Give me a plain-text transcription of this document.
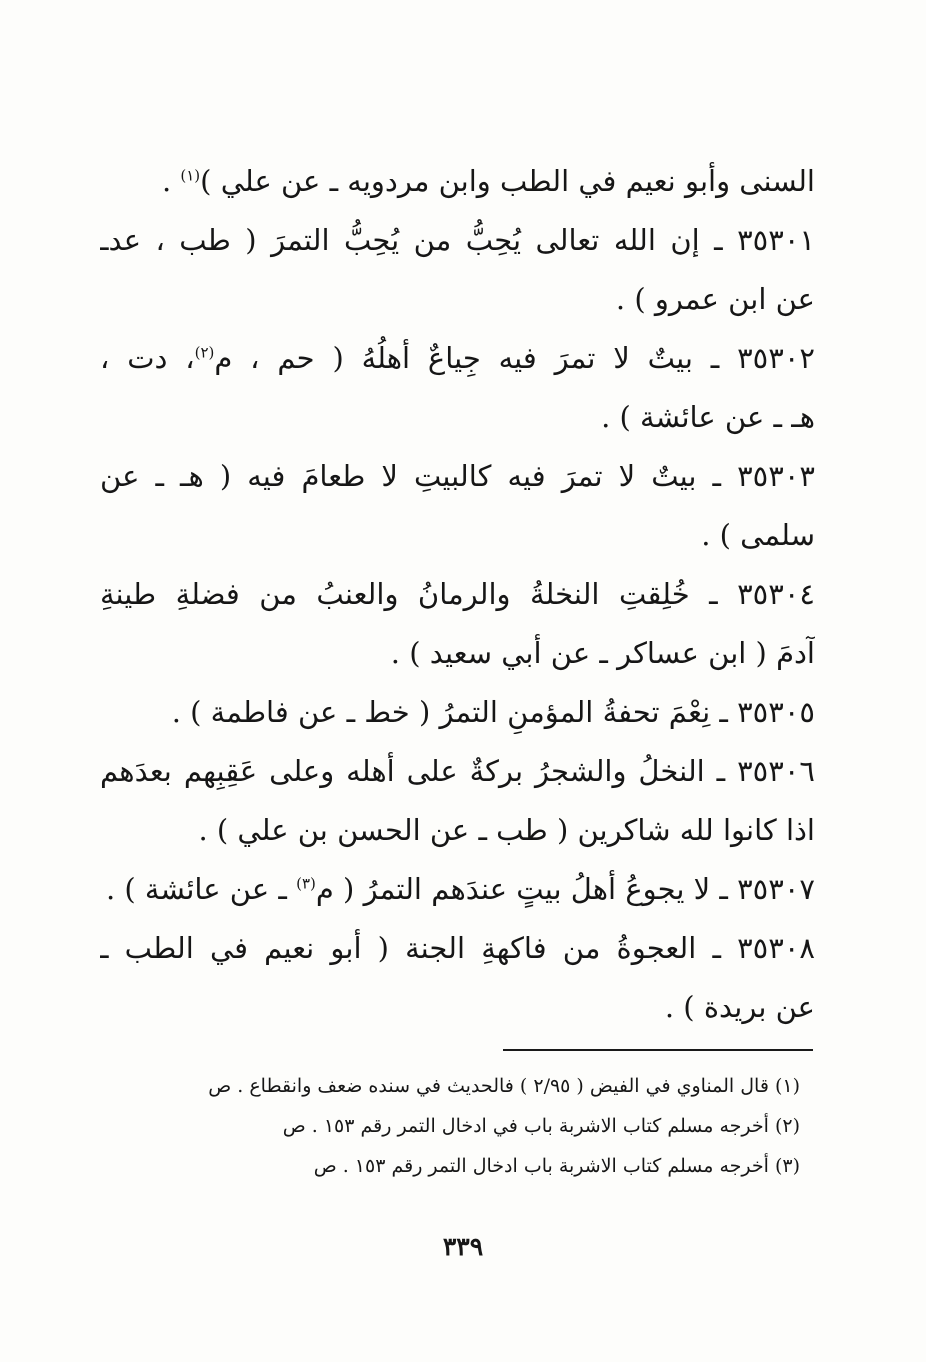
السنى وأبو نعيم في الطب وابن مردويه ـ عن علي )$^{(١)}$ .
٣٥٣٠١ ـ إن الله تعالى يُحِبُّ من يُحِبُّ التمرَ ( طب ، عدـ
عن ابن عمرو ) .
٣٥٣٠٢ ـ بيتٌ لا تمرَ فيه جِياعٌ أهلُهُ ( حم ، م$^{(٢)}$، دت ،
هـ ـ عن عائشة ) .
٣٥٣٠٣ ـ بيتٌ لا تمرَ فيه كالبيتِ لا طعامَ فيه ( هـ ـ عن
سلمى ) .
٣٥٣٠٤ ـ خُلِقتِ النخلةُ والرمانُ والعنبُ من فضلةِ طينةِ
آدمَ ( ابن عساكر ـ عن أبي سعيد ) .
٣٥٣٠٥ ـ نِعْمَ تحفةُ المؤمنِ التمرُ ( خط ـ عن فاطمة ) .
٣٥٣٠٦ ـ النخلُ والشجرُ بركةٌ على أهله وعلى عَقِبِهم بعدَهم
اذا كانوا لله شاكرين ( طب ـ عن الحسن بن علي ) .
٣٥٣٠٧ ـ لا يجوعُ أهلُ بيتٍ عندَهم التمرُ ( م$^{(٣)}$ ـ عن عائشة ) .
٣٥٣٠٨ ـ العجوةُ من فاكهةِ الجنة ( أبو نعيم في الطب ـ
عن بريدة ) .
(١) قال المناوي في الفيض ( ٢/٩٥ ) فالحديث في سنده ضعف وانقطاع . ص
(٢) أخرجه مسلم كتاب الاشربة باب في ادخال التمر رقم ١٥٣ . ص
(٣) أخرجه مسلم كتاب الاشربة باب ادخال التمر رقم ١٥٣ . ص
٣٣٩
